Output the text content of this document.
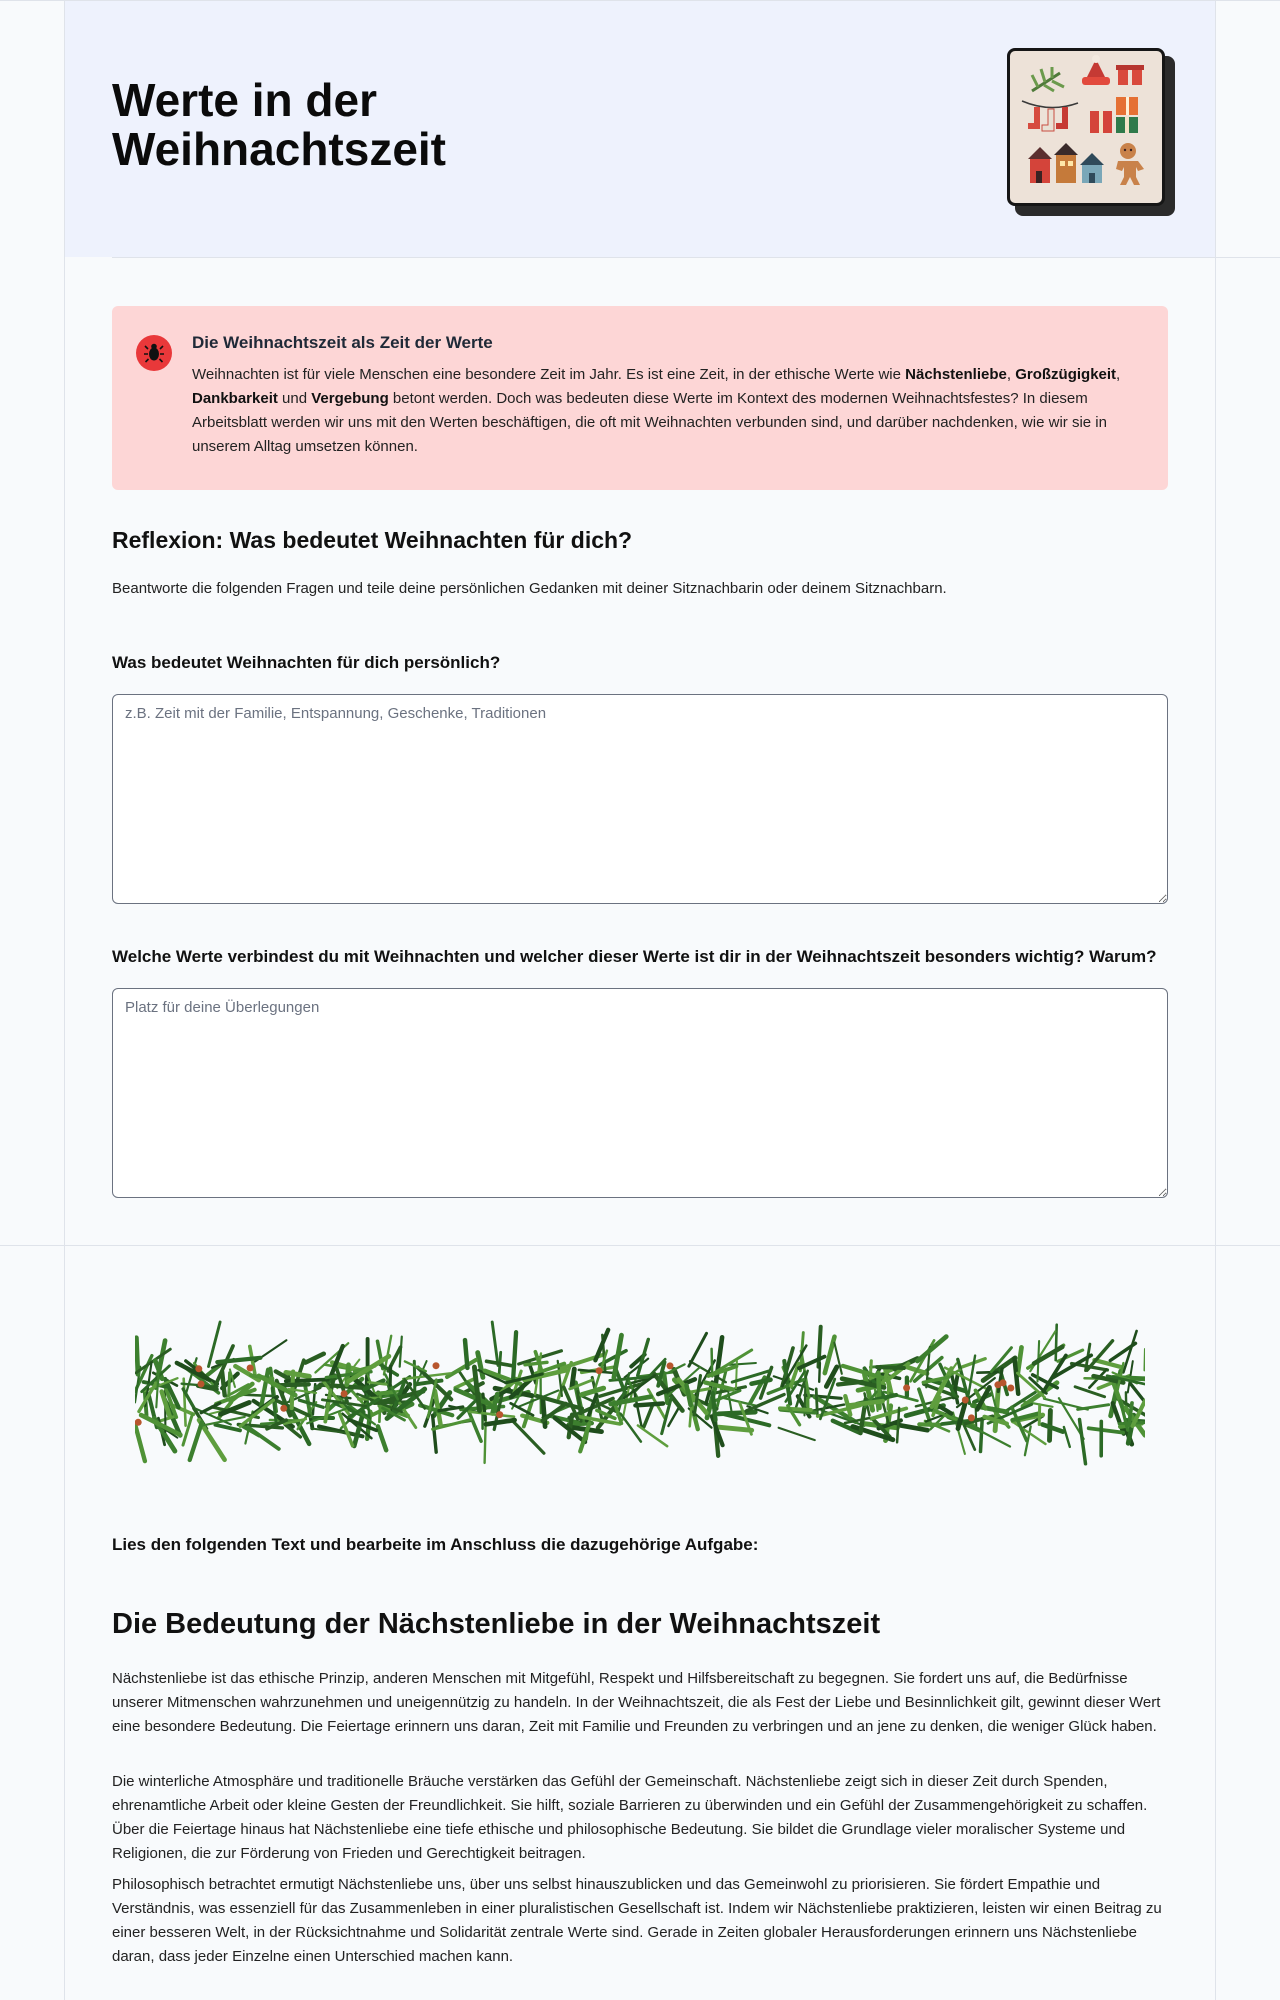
Werte in der Weihnachtszeit
Die Weihnachtszeit als Zeit der Werte

Weihnachten ist für viele Menschen eine besondere Zeit im Jahr. Es ist eine Zeit, in der ethische Werte wie Nächstenliebe, Großzügigkeit, Dankbarkeit und Vergebung betont werden. Doch was bedeuten diese Werte im Kontext des modernen Weihnachtsfestes? In diesem Arbeitsblatt werden wir uns mit den Werten beschäftigen, die oft mit Weihnachten verbunden sind, und darüber nachdenken, wie wir sie in unserem Alltag umsetzen können.

Reflexion: Was bedeutet Weihnachten für dich?

Beantworte die folgenden Fragen und teile deine persönlichen Gedanken mit deiner Sitznachbarin oder deinem Sitznachbarn.

Was bedeutet Weihnachten für dich persönlich?

z.B. Zeit mit der Familie, Entspannung, Geschenke, Traditionen

Welche Werte verbindest du mit Weihnachten und welcher dieser Werte ist dir in der Weihnachtszeit besonders wichtig? Warum?

Platz für deine Überlegungen

Lies den folgenden Text und bearbeite im Anschluss die dazugehörige Aufgabe:

Die Bedeutung der Nächstenliebe in der Weihnachtszeit

Nächstenliebe ist das ethische Prinzip, anderen Menschen mit Mitgefühl, Respekt und Hilfsbereitschaft zu begegnen. Sie fordert uns auf, die Bedürfnisse unserer Mitmenschen wahrzunehmen und uneigennützig zu handeln. In der Weihnachtszeit, die als Fest der Liebe und Besinnlichkeit gilt, gewinnt dieser Wert eine besondere Bedeutung. Die Feiertage erinnern uns daran, Zeit mit Familie und Freunden zu verbringen und an jene zu denken, die weniger Glück haben.

Die winterliche Atmosphäre und traditionelle Bräuche verstärken das Gefühl der Gemeinschaft. Nächstenliebe zeigt sich in dieser Zeit durch Spenden, ehrenamtliche Arbeit oder kleine Gesten der Freundlichkeit. Sie hilft, soziale Barrieren zu überwinden und ein Gefühl der Zusammengehörigkeit zu schaffen. Über die Feiertage hinaus hat Nächstenliebe eine tiefe ethische und philosophische Bedeutung. Sie bildet die Grundlage vieler moralischer Systeme und Religionen, die zur Förderung von Frieden und Gerechtigkeit beitragen.

Philosophisch betrachtet ermutigt Nächstenliebe uns, über uns selbst hinauszublicken und das Gemeinwohl zu priorisieren. Sie fördert Empathie und Verständnis, was essenziell für das Zusammenleben in einer pluralistischen Gesellschaft ist. Indem wir Nächstenliebe praktizieren, leisten wir einen Beitrag zu einer besseren Welt, in der Rücksichtnahme und Solidarität zentrale Werte sind. Gerade in Zeiten globaler Herausforderungen erinnern uns Nächstenliebe daran, dass jeder Einzelne einen Unterschied machen kann.
